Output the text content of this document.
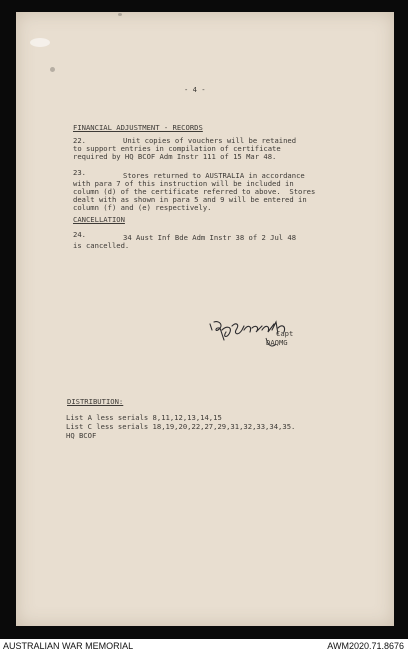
- 4 -
FINANCIAL ADJUSTMENT - RECORDS
22.	Unit copies of vouchers will be retained
to support entries in compilation of certificate
required by HQ BCOF Adm Instr 111 of 15 Mar 48.
23.	Stores returned to AUSTRALIA in accordance
with para 7 of this instruction will be included in
column (d) of the certificate referred to above.  Stores
dealt with as shown in para 5 and 9 will be entered in
column (f) and (e) respectively.
CANCELLATION
24.	34 Aust Inf Bde Adm Instr 38 of 2 Jul 48
is cancelled.
Capt
DAQMG
DISTRIBUTION:
List A less serials 8,11,12,13,14,15
List C less serials 18,19,20,22,27,29,31,32,33,34,35.
HQ BCOF
AUSTRALIAN WAR MEMORIAL	AWM2020.71.8676
